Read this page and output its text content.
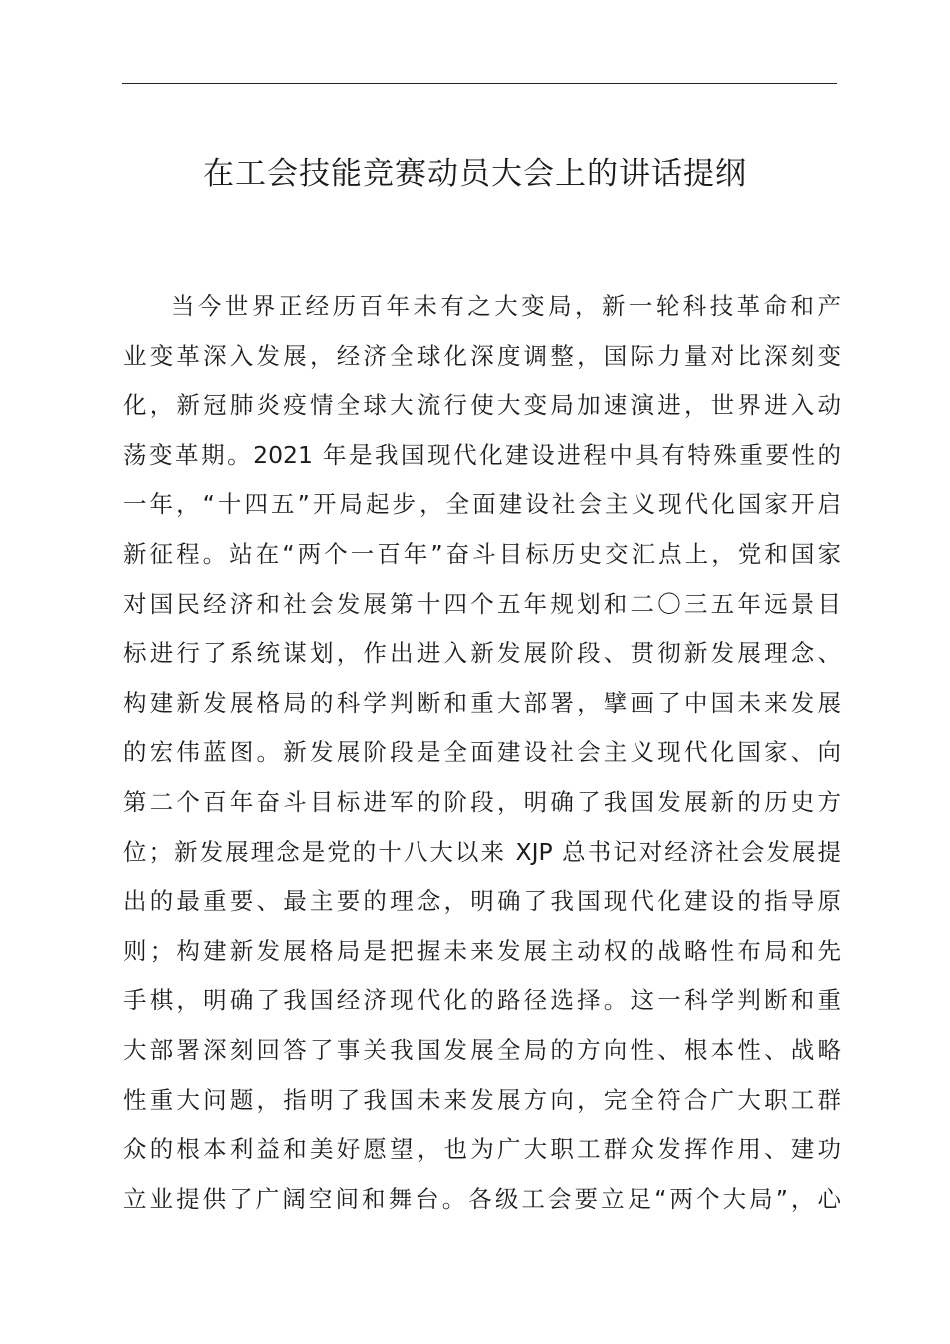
在工会技能竞赛动员大会上的讲话提纲
当今世界正经历百年未有之大变局，新一轮科技革命和产
业变革深入发展，经济全球化深度调整，国际力量对比深刻变
化，新冠肺炎疫情全球大流行使大变局加速演进，世界进入动
荡变革期。2021 年是我国现代化建设进程中具有特殊重要性的
一年，“十四五”开局起步，全面建设社会主义现代化国家开启
新征程。站在“两个一百年”奋斗目标历史交汇点上，党和国家
对国民经济和社会发展第十四个五年规划和二〇三五年远景目
标进行了系统谋划，作出进入新发展阶段、贯彻新发展理念、
构建新发展格局的科学判断和重大部署，擘画了中国未来发展
的宏伟蓝图。新发展阶段是全面建设社会主义现代化国家、向
第二个百年奋斗目标进军的阶段，明确了我国发展新的历史方
位；新发展理念是党的十八大以来 XJP 总书记对经济社会发展提
出的最重要、最主要的理念，明确了我国现代化建设的指导原
则；构建新发展格局是把握未来发展主动权的战略性布局和先
手棋，明确了我国经济现代化的路径选择。这一科学判断和重
大部署深刻回答了事关我国发展全局的方向性、根本性、战略
性重大问题，指明了我国未来发展方向，完全符合广大职工群
众的根本利益和美好愿望，也为广大职工群众发挥作用、建功
立业提供了广阔空间和舞台。各级工会要立足“两个大局”，心
